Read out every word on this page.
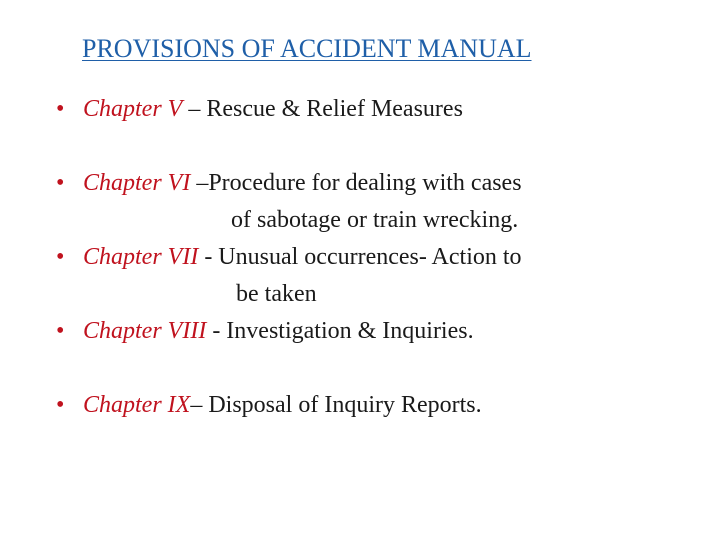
PROVISIONS OF ACCIDENT MANUAL
• Chapter V – Rescue & Relief Measures
• Chapter VI –Procedure for dealing with cases
of sabotage or train wrecking.
• Chapter VII - Unusual occurrences- Action to
be taken
• Chapter VIII - Investigation & Inquiries.
• Chapter IX– Disposal of Inquiry Reports.
